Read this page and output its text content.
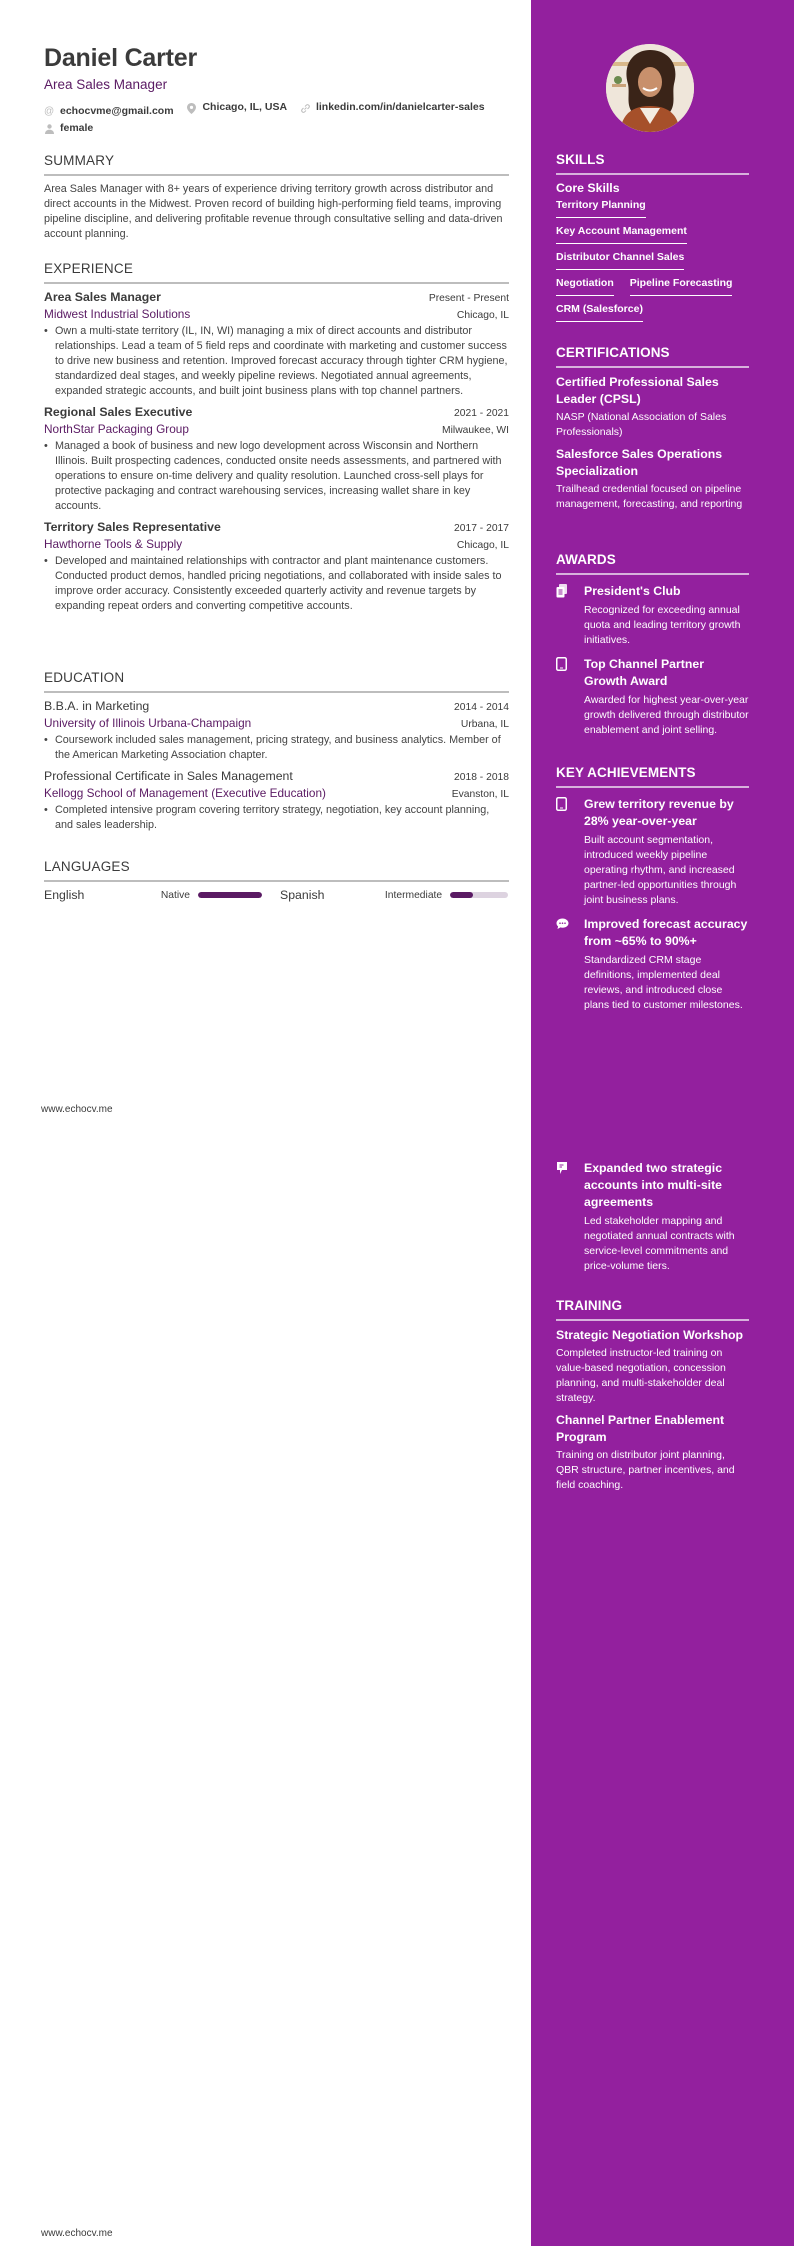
Daniel Carter
Area Sales Manager
@ echocvme@gmail.com
	Chicago, IL, USA
	linkedin.com/in/danielcarter-sales

female
SUMMARY

Area Sales Manager with 8+ years of experience driving territory growth across distributor and direct accounts in the Midwest. Proven record of building high-performing field teams, improving pipeline discipline, and delivering profitable revenue through consultative selling and data-driven account planning.

EXPERIENCE
Area Sales Manager	Present - Present
Midwest Industrial Solutions	Chicago, IL
• Own a multi-state territory (IL, IN, WI) managing a mix of direct accounts and distributor relationships. Lead a team of 5 field reps and coordinate with marketing and customer success to drive new business and retention. Improved forecast accuracy through tighter CRM hygiene, standardized deal stages, and weekly pipeline reviews. Negotiated annual agreements, expanded strategic accounts, and built joint business plans with top channel partners.
Regional Sales Executive	2021 - 2021
NorthStar Packaging Group	Milwaukee, WI
• Managed a book of business and new logo development across Wisconsin and Northern Illinois. Built prospecting cadences, conducted onsite needs assessments, and partnered with operations to ensure on-time delivery and quality resolution. Launched cross-sell plays for protective packaging and contract warehousing services, increasing wallet share in key accounts.
Territory Sales Representative	2017 - 2017
Hawthorne Tools & Supply	Chicago, IL
• Developed and maintained relationships with contractor and plant maintenance customers. Conducted product demos, handled pricing negotiations, and collaborated with inside sales to improve order accuracy. Consistently exceeded quarterly activity and revenue targets by expanding repeat orders and converting competitive accounts.
EDUCATION
B.B.A. in Marketing	2014 - 2014
University of Illinois Urbana-Champaign	Urbana, IL
• Coursework included sales management, pricing strategy, and business analytics. Member of the American Marketing Association chapter.
Professional Certificate in Sales Management	2018 - 2018
Kellogg School of Management (Executive Education)	Evanston, IL
• Completed intensive program covering territory strategy, negotiation, key account planning, and sales leadership.
LANGUAGES
English	Native	Spanish	Intermediate
www.echocv.me
www.echocv.me
SKILLS
Core Skills
Territory Planning
Key Account Management
Distributor Channel Sales
Negotiation Pipeline Forecasting
CRM (Salesforce)
CERTIFICATIONS
Certified Professional Sales Leader (CPSL)
NASP (National Association of Sales Professionals)
Salesforce Sales Operations Specialization
Trailhead credential focused on pipeline management, forecasting, and reporting
AWARDS
President's Club
Recognized for exceeding annual quota and leading territory growth initiatives.
Top Channel Partner Growth Award
Awarded for highest year-over-year growth delivered through distributor enablement and joint selling.
KEY ACHIEVEMENTS
Grew territory revenue by 28% year-over-year
Built account segmentation, introduced weekly pipeline operating rhythm, and increased partner-led opportunities through joint business plans.
Improved forecast accuracy from ~65% to 90%+
Standardized CRM stage definitions, implemented deal reviews, and introduced close plans tied to customer milestones.
Expanded two strategic accounts into multi-site agreements
Led stakeholder mapping and negotiated annual contracts with service-level commitments and price-volume tiers.
TRAINING
Strategic Negotiation Workshop
Completed instructor-led training on value-based negotiation, concession planning, and multi-stakeholder deal strategy.
Channel Partner Enablement Program
Training on distributor joint planning, QBR structure, partner incentives, and field coaching.
